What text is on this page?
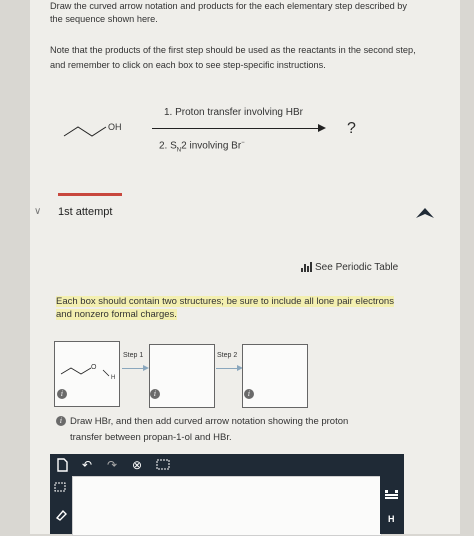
Draw the curved arrow notation and products for the each elementary step described by
the sequence shown here.
Note that the products of the first step should be used as the reactants in the second step,
and remember to click on each box to see step-specific instructions.
OH
1. Proton transfer involving HBr
2. $S_N2$ involving Br−
?
∨ 1st attempt
See Periodic Table
Each box should contain two structures; be sure to include all lone pair electrons
and nonzero formal charges.
O
H
Step 1	Step 2
i	i	i
i Draw HBr, and then add curved arrow notation showing the proton
transfer between propan-1-ol and HBr.
↶ ↷ ⊗
H
